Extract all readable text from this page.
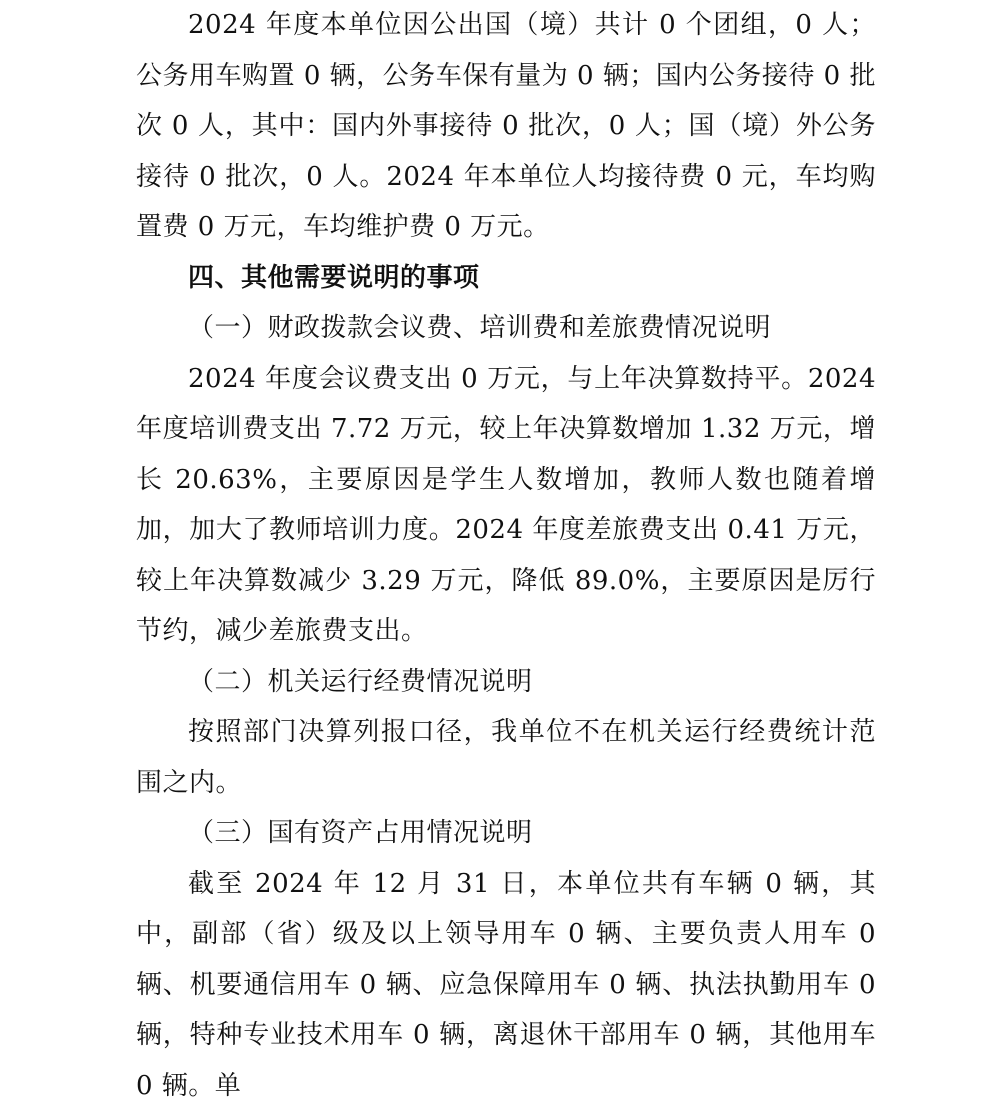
2024 年度本单位因公出国（境）共计 0 个团组，0 人；公务用车购置 0 辆，公务车保有量为 0 辆；国内公务接待 0 批次 0 人，其中：国内外事接待 0 批次，0 人；国（境）外公务接待 0 批次，0 人。2024 年本单位人均接待费 0 元，车均购置费 0 万元，车均维护费 0 万元。

四、其他需要说明的事项

（一）财政拨款会议费、培训费和差旅费情况说明

2024 年度会议费支出 0 万元，与上年决算数持平。2024 年度培训费支出 7.72 万元，较上年决算数增加 1.32 万元，增长 20.63%，主要原因是学生人数增加，教师人数也随着增加，加大了教师培训力度。2024 年度差旅费支出 0.41 万元，较上年决算数减少 3.29 万元，降低 89.0%，主要原因是厉行节约，减少差旅费支出。

（二）机关运行经费情况说明

按照部门决算列报口径，我单位不在机关运行经费统计范围之内。

（三）国有资产占用情况说明

截至 2024 年 12 月 31 日，本单位共有车辆 0 辆，其中，副部（省）级及以上领导用车 0 辆、主要负责人用车 0 辆、机要通信用车 0 辆、应急保障用车 0 辆、执法执勤用车 0 辆，特种专业技术用车 0 辆，离退休干部用车 0 辆，其他用车 0 辆。单
